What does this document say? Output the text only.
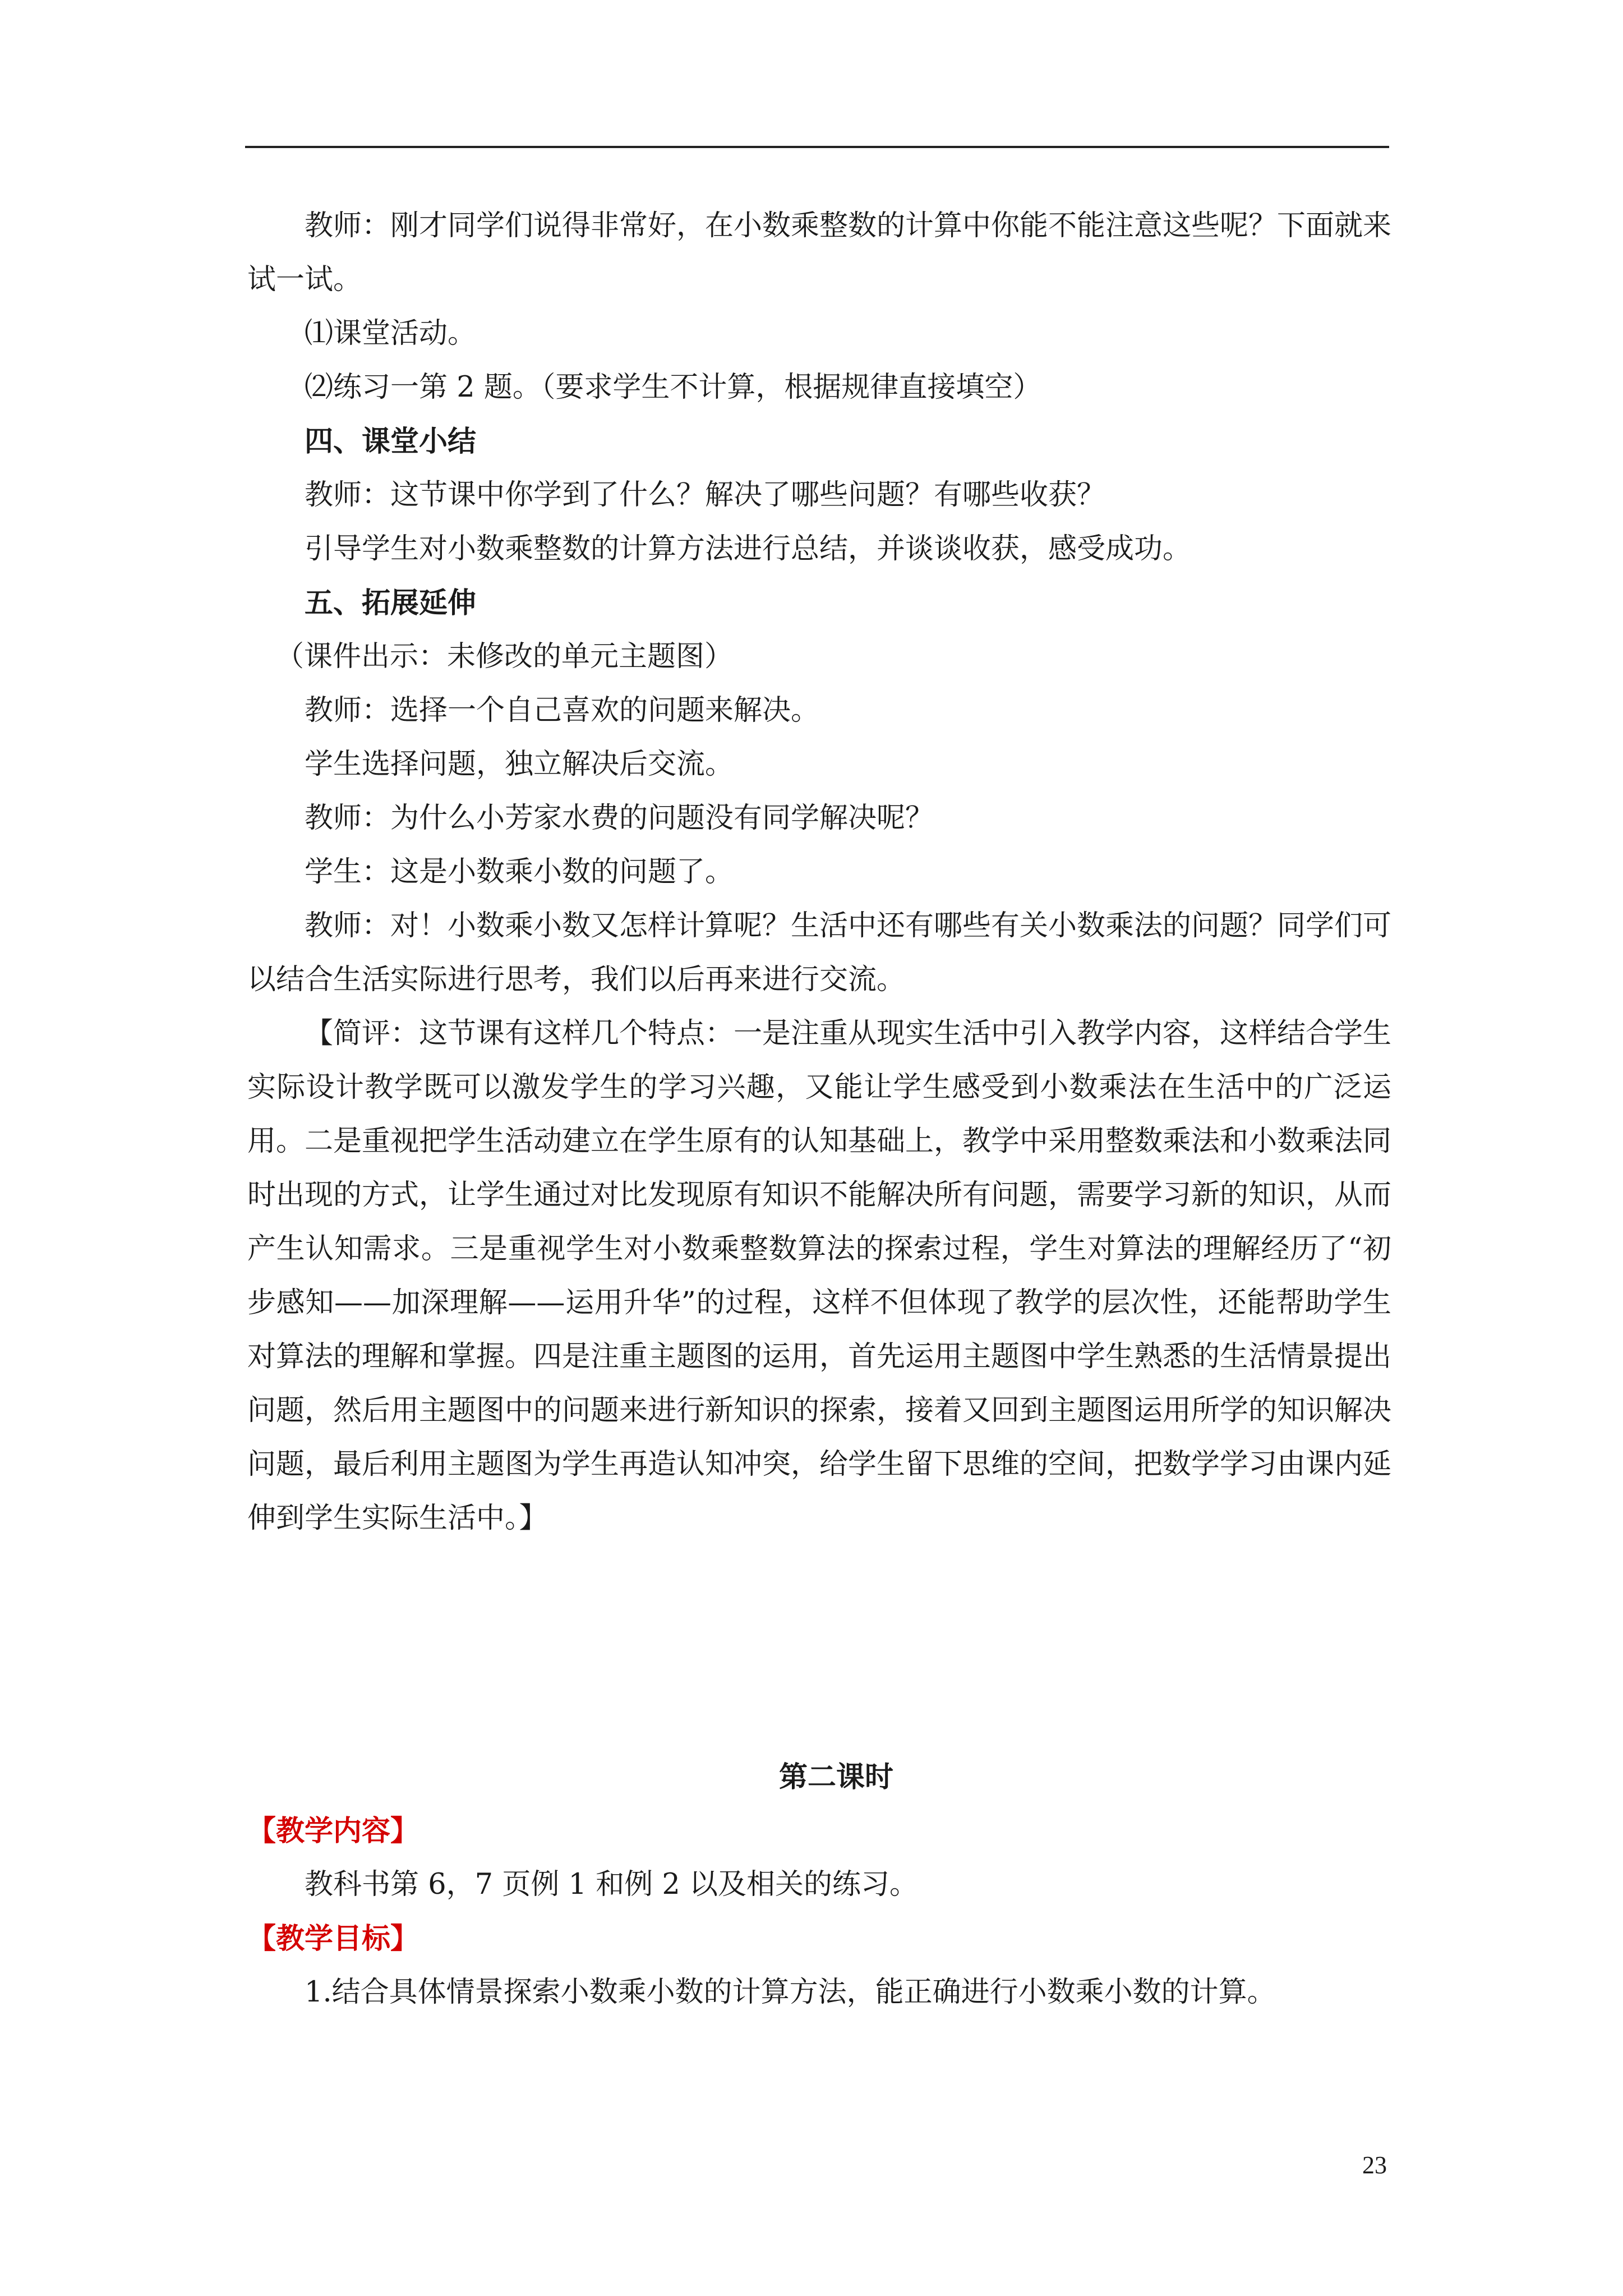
教师：刚才同学们说得非常好，在小数乘整数的计算中你能不能注意这些呢？下面就来试一试。

⑴课堂活动。

⑵练习一第 2 题。（要求学生不计算，根据规律直接填空）

四、课堂小结

教师：这节课中你学到了什么？解决了哪些问题？有哪些收获？

引导学生对小数乘整数的计算方法进行总结，并谈谈收获，感受成功。

五、拓展延伸

（课件出示：未修改的单元主题图）

教师：选择一个自己喜欢的问题来解决。

学生选择问题，独立解决后交流。

教师：为什么小芳家水费的问题没有同学解决呢？

学生：这是小数乘小数的问题了。

教师：对！小数乘小数又怎样计算呢？生活中还有哪些有关小数乘法的问题？同学们可以结合生活实际进行思考，我们以后再来进行交流。

【简评：这节课有这样几个特点：一是注重从现实生活中引入教学内容，这样结合学生实际设计教学既可以激发学生的学习兴趣，又能让学生感受到小数乘法在生活中的广泛运用。二是重视把学生活动建立在学生原有的认知基础上，教学中采用整数乘法和小数乘法同时出现的方式，让学生通过对比发现原有知识不能解决所有问题，需要学习新的知识，从而产生认知需求。三是重视学生对小数乘整数算法的探索过程，学生对算法的理解经历了“初步感知——加深理解——运用升华”的过程，这样不但体现了教学的层次性，还能帮助学生对算法的理解和掌握。四是注重主题图的运用，首先运用主题图中学生熟悉的生活情景提出问题，然后用主题图中的问题来进行新知识的探索，接着又回到主题图运用所学的知识解决问题，最后利用主题图为学生再造认知冲突，给学生留下思维的空间，把数学学习由课内延伸到学生实际生活中。】

第二课时

【教学内容】

教科书第 6，7 页例 1 和例 2 以及相关的练习。

【教学目标】

1.结合具体情景探索小数乘小数的计算方法，能正确进行小数乘小数的计算。

23
